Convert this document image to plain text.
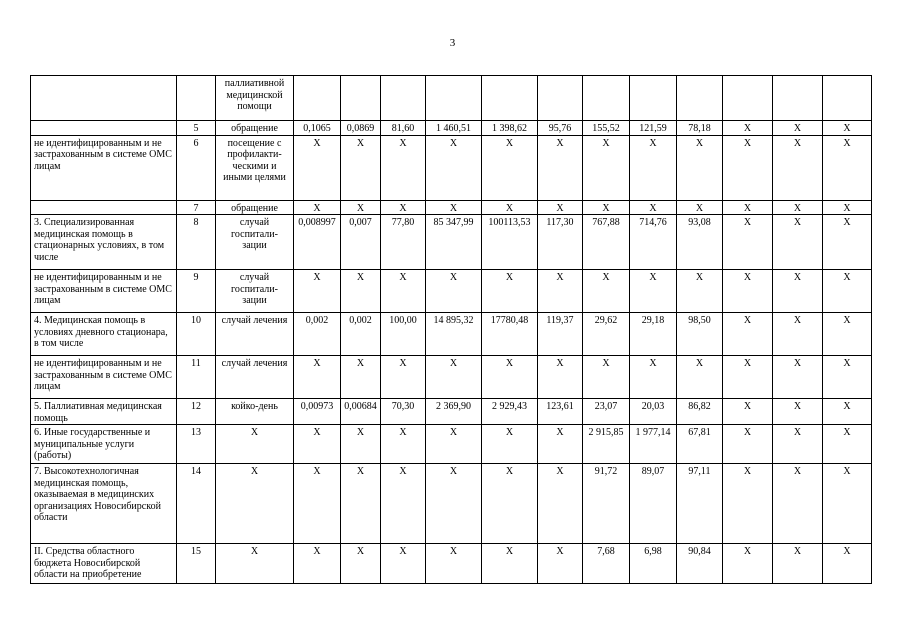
3
		паллиативной медицинской помощи												
	5	обращение	0,1065	0,0869	81,60	1 460,51	1 398,62	95,76	155,52	121,59	78,18	X	X	X
не идентифицированным и не застрахованным в системе ОМС лицам	6	посещение с профилакти-ческими и иными целями	X	X	X	X	X	X	X	X	X	X	X	X
	7	обращение	X	X	X	X	X	X	X	X	X	X	X	X
3. Специализированная медицинская помощь в стационарных условиях, в том числе	8	случай госпитали-зации	0,008997	0,007	77,80	85 347,99	100113,53	117,30	767,88	714,76	93,08	X	X	X
не идентифицированным и не застрахованным в системе ОМС лицам	9	случай госпитали-зации	X	X	X	X	X	X	X	X	X	X	X	X
4. Медицинская помощь в условиях дневного стационара, в том числе	10	случай лечения	0,002	0,002	100,00	14 895,32	17780,48	119,37	29,62	29,18	98,50	X	X	X
не идентифицированным и не застрахованным в системе ОМС лицам	11	случай лечения	X	X	X	X	X	X	X	X	X	X	X	X
5. Паллиативная медицинская помощь	12	койко-день	0,00973	0,00684	70,30	2 369,90	2 929,43	123,61	23,07	20,03	86,82	X	X	X
6. Иные государственные и муниципальные услуги (работы)	13	X	X	X	X	X	X	X	2 915,85	1 977,14	67,81	X	X	X
7. Высокотехнологичная медицинская помощь, оказываемая в медицинских организациях Новосибирской области	14	X	X	X	X	X	X	X	91,72	89,07	97,11	X	X	X
II. Средства областного бюджета Новосибирской области на приобретение	15	X	X	X	X	X	X	X	7,68	6,98	90,84	X	X	X
